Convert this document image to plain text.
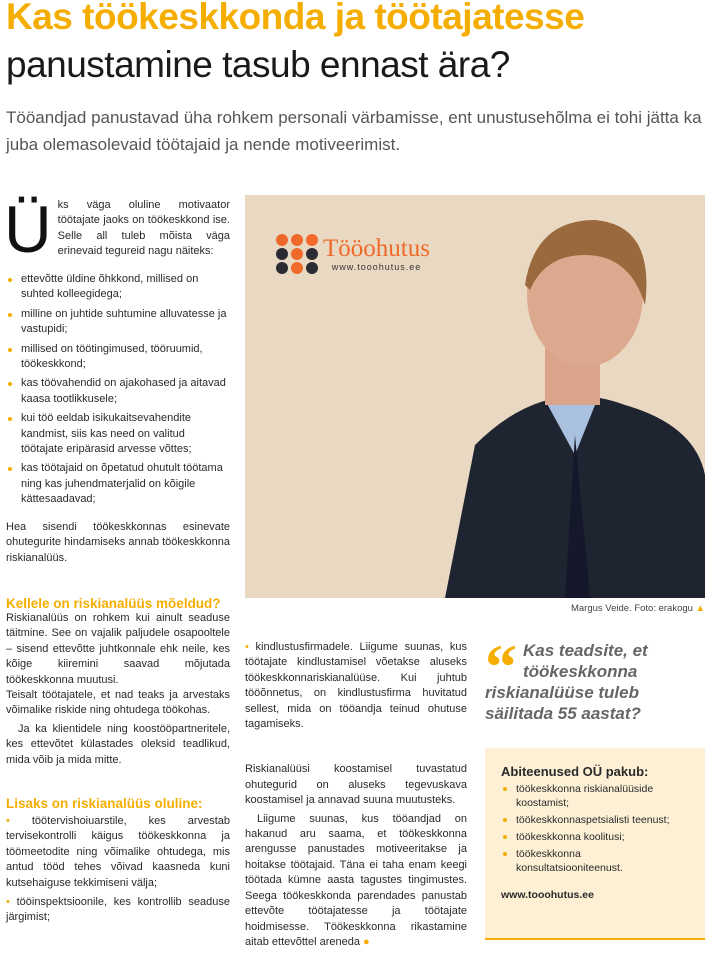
Kas töökeskkonda ja töötajatesse
panustamine tasub ennast ära?

Tööandjad panustavad üha rohkem personali värbamisse, ent unustusehõlma ei tohi jätta ka juba olemasolevaid töötajaid ja nende motiveerimist.

Üks väga oluline motivaator töötajate jaoks on töökeskkond ise. Selle all tuleb mõista väga erinevaid tegureid nagu näiteks:

ettevõtte üldine õhkkond, millised on suhted kolleegidega;
milline on juhtide suhtumine alluvatesse ja vastupidi;
millised on töötingimused, tööruumid, töökeskkond;
kas töövahendid on ajakohased ja aitavad kaasa tootlikkusele;
kui töö eeldab isikukaitsevahendite kandmist, siis kas need on valitud töötajate eripärasid arvesse võttes;
kas töötajaid on õpetatud ohutult töötama ning kas juhendmaterjalid on kõigile kättesaadavad;

Hea sisendi töökeskkonnas esinevate ohutegurite hindamiseks annab töökeskkonna riskianalüüs.

Kellele on riskianalüüs mõeldud?

Riskianalüüs on rohkem kui ainult seaduse täitmine. See on vajalik paljudele osapooltele – sisend ettevõtte juhtkonnale ehk neile, kes kõige kiiremini saavad mõjutada töökeskkonna muutusi.

Teisalt töötajatele, et nad teaks ja arvestaks võimalike riskide ning ohtudega töökohas.

Ja ka klientidele ning koostööpartneritele, kes ettevõtet külastades oleksid teadlikud, mida võib ja mida mitte.

Lisaks on riskianalüüs oluline:

• töötervishoiuarstile, kes arvestab tervisekontrolli käigus töökeskkonna ja töömeetodite ning võimalike ohtudega, mis antud tööd tehes võivad kaasneda kuni kutsehaiguse tekkimiseni välja;

• tööinspektsioonile, kes kontrollib seaduse järgimist;

Tööohutus
www.tooohutus.ee
Margus Veide. Foto: erakogu ▲

• kindlustusfirmadele. Liigume suunas, kus töötajate kindlustamisel võetakse aluseks töökeskkonnariskianalüüse. Kui juhtub tööõnnetus, on kindlustusfirma huvitatud sellest, mida on tööandja teinud ohutuse tagamiseks.

Riskianalüüsi koostamisel tuvastatud ohutegurid on aluseks tegevuskava koostamisel ja annavad suuna muutusteks.

Liigume suunas, kus tööandjad on hakanud aru saama, et töökeskkonna arengusse panustades motiveeritakse ja hoitakse töötajaid. Täna ei taha enam keegi töötada kümne aasta tagustes tingimustes. Seega töökeskkonda parendades panustab ettevõte töötajatesse ja töötajate hoidmisesse. Töökeskkonna rikastamine aitab ettevõttel areneda ●

“ Kas teadsite, et töökeskkonna riskianalüüse tuleb säilitada 55 aastat?
Abiteenused OÜ pakub:
töökeskkonna riskianalüüside koostamist;
töökeskkonnaspetsialisti teenust;
töökeskkonna koolitusi;
töökeskkonna konsultatsiooniteenust.
www.tooohutus.ee
